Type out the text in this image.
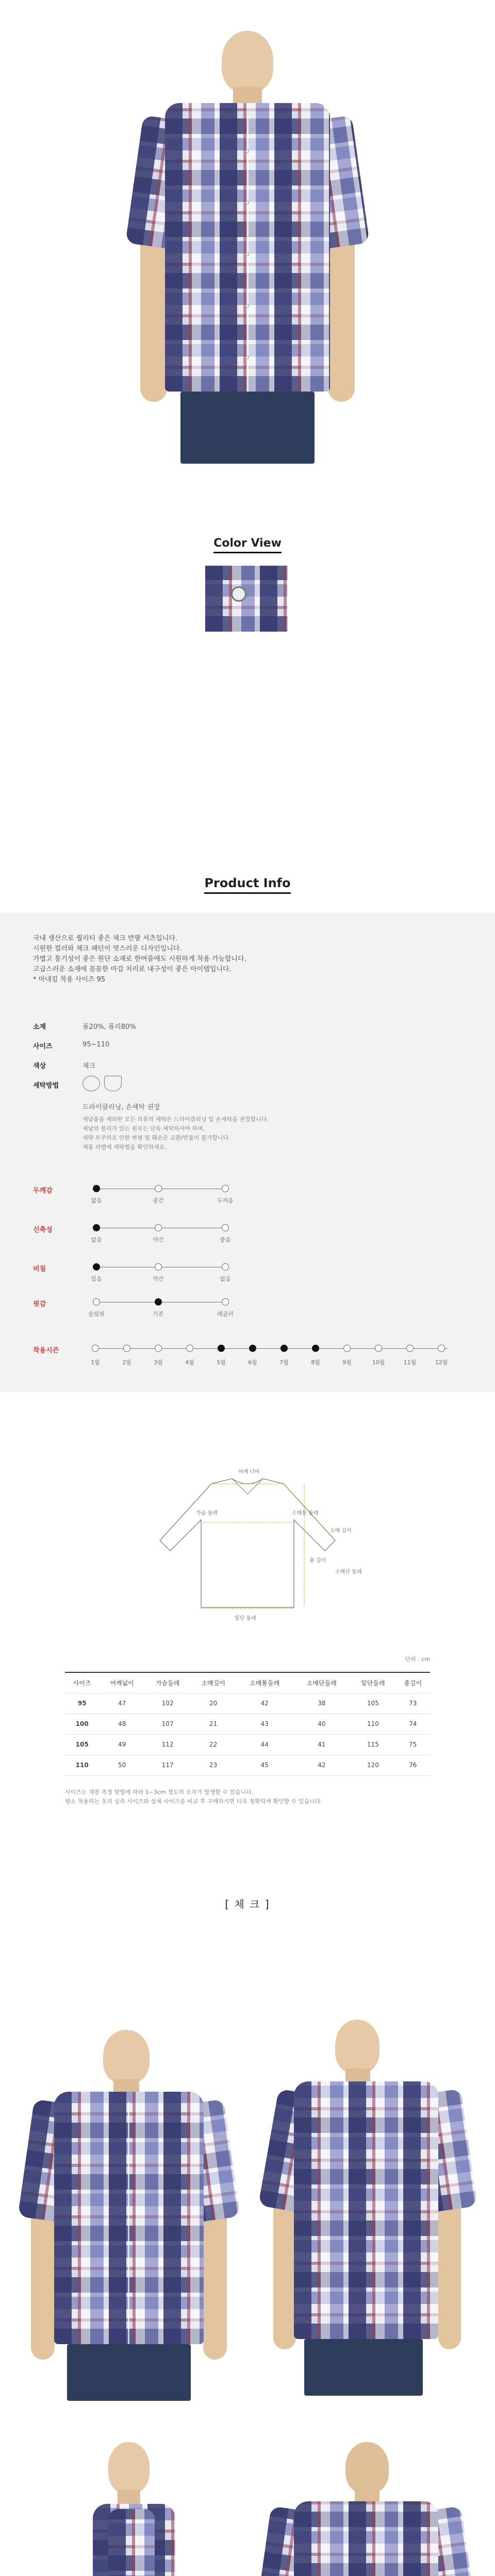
Color View
Product Info
국내 생산으로 퀄리티 좋은 체크 반팔 셔츠입니다.
시원한 컬러와 체크 패턴이 멋스러운 디자인입니다.
가볍고 통기성이 좋은 원단 소재로 한여름에도 시원하게 착용 가능합니다.
고급스러운 소재에 꼼꼼한 마감 처리로 내구성이 좋은 아이템입니다.
* 마네킹 착용 사이즈 95
소재	폴20%, 폴리80%
사이즈	95~110
색상	체크
세탁방법
드라이클리닝, 손세탁 권장
제납품을 제외한 모든 의류의 세탁은 드라이클리닝 및 손세탁을 권장합니다.
제납의 물리가 있는 원료는 단독 세탁하셔야 하며,
세탁 부주의로 인한 변형 및 훼손은 교환/반품이 불가합니다.
제품 라벨에 세탁법을 확인하세요.
두께감
얇음	중간	두꺼움
신축성
없음	약간	좋음
비침
있음	약간	없음
핏감
슬림핏	기본	레귤러
착용시즌
1월	2월	3월	4월	5월	6월	7월	8월	9월	10월	11월	12월
어깨 너비
가슴 둘레	소매통 둘레
소매 길이
총 길이
소매단 둘레
밑단 둘레
단위 : cm
사이즈	어깨넓이	가슴둘레	소매길이	소매통둘레	소매단둘레	밑단둘레	총길이
95	47	102	20	42	38	105	73
100	48	107	21	43	40	110	74
105	49	112	22	44	41	115	75
110	50	117	23	45	42	120	76
사이즈는 재봉 측정 방법에 따라 1~3cm 정도의 오차가 발생할 수 있습니다.
평소 착용하는 옷의 실측 사이즈와 상세 사이즈를 비교 후 구매하시면 더욱 정확하게 확인할 수 있습니다.
[ 체 크 ]
